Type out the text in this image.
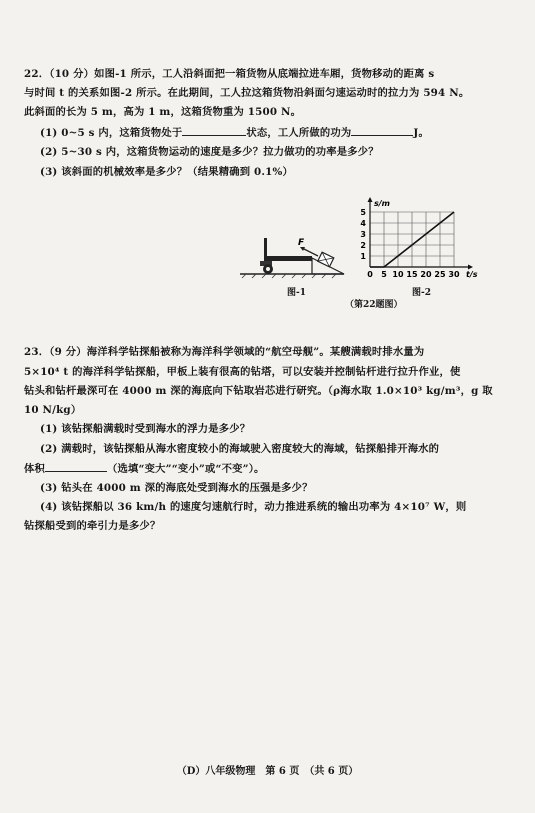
22．（10 分）如图-1 所示，工人沿斜面把一箱货物从底端拉进车厢，货物移动的距离 s
与时间 t 的关系如图-2 所示。在此期间，工人拉这箱货物沿斜面匀速运动时的拉力为 594 N。
此斜面的长为 5 m，高为 1 m，这箱货物重为 1500 N。
(1) 0~5 s 内，这箱货物处于	状态，工人所做的功为	J。
(2) 5~30 s 内，这箱货物运动的速度是多少？拉力做功的功率是多少？
(3) 该斜面的机械效率是多少？（结果精确到 0.1%）
F
0 5 10 15 20 25 30
1
2
3
4
5
s/m
t/s
图-1	图-2
（第22题图）
23．（9 分）海洋科学钻探船被称为海洋科学领域的“航空母舰”。某艘满载时排水量为
5×10⁴ t 的海洋科学钻探船，甲板上装有很高的钻塔，可以安装并控制钻杆进行拉升作业，使
钻头和钻杆最深可在 4000 m 深的海底向下钻取岩芯进行研究。（ρ海水取 1.0×10³ kg/m³，g 取
10 N/kg）
(1) 该钻探船满载时受到海水的浮力是多少？
(2) 满载时，该钻探船从海水密度较小的海域驶入密度较大的海域，钻探船排开海水的
体积	（选填“变大”“变小”或“不变”）。
(3) 钻头在 4000 m 深的海底处受到海水的压强是多少？
(4) 该钻探船以 36 km/h 的速度匀速航行时，动力推进系统的输出功率为 4×10⁷ W，则
钻探船受到的牵引力是多少？
（D）八年级物理　第 6 页　（共 6 页）
